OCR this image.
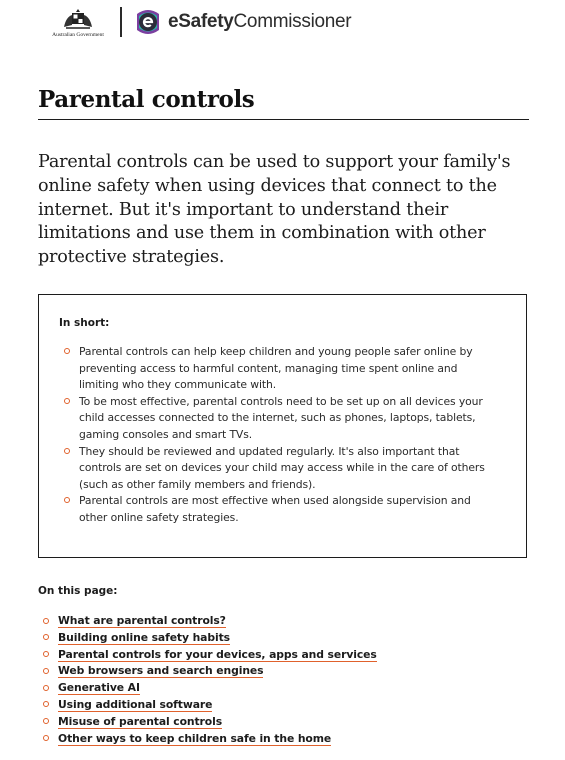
Australian Government
eSafetyCommissioner
Parental controls

Parental controls can be used to support your family's online safety when using devices that connect to the internet. But it's important to understand their limitations and use them in combination with other protective strategies.

In short:
Parental controls can help keep children and young people safer online by preventing access to harmful content, managing time spent online and limiting who they communicate with.
To be most effective, parental controls need to be set up on all devices your child accesses connected to the internet, such as phones, laptops, tablets, gaming consoles and smart TVs.
They should be reviewed and updated regularly. It's also important that controls are set on devices your child may access while in the care of others (such as other family members and friends).
Parental controls are most effective when used alongside supervision and other online safety strategies.
On this page:
What are parental controls?
Building online safety habits
Parental controls for your devices, apps and services
Web browsers and search engines
Generative AI
Using additional software
Misuse of parental controls
Other ways to keep children safe in the home
